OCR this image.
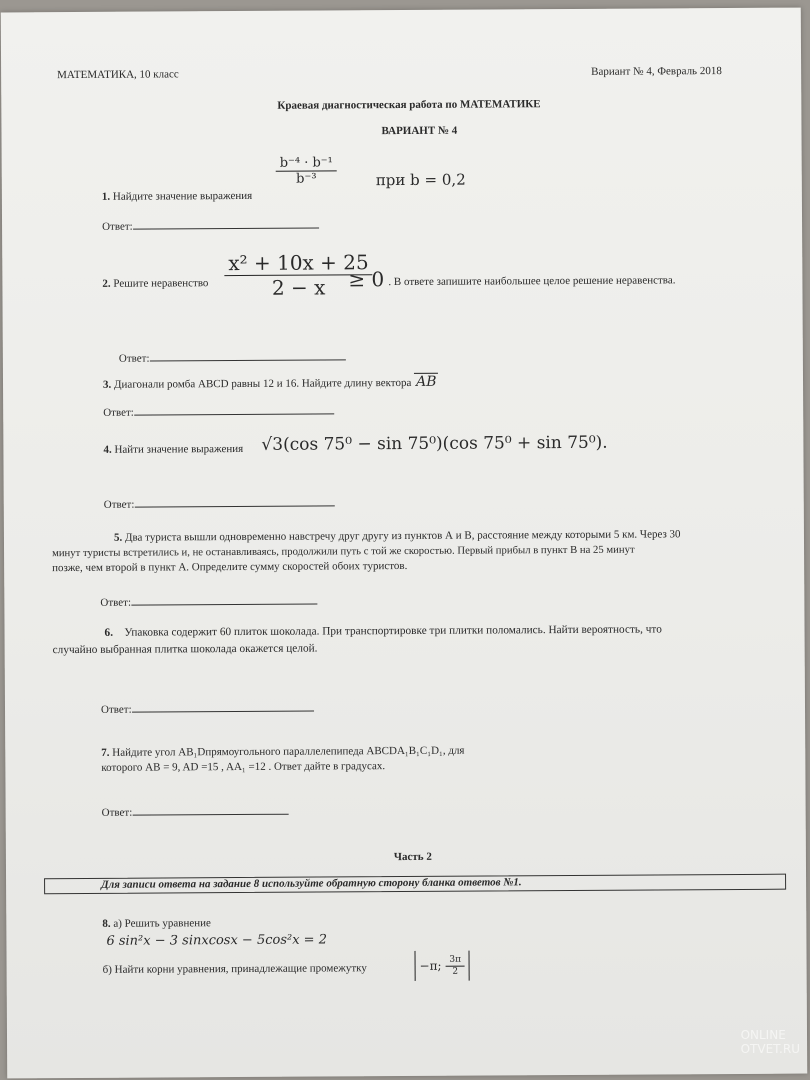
МАТЕМАТИКА, 10 класс	Вариант № 4, Февраль 2018
Краевая диагностическая работа по МАТЕМАТИКЕ
ВАРИАНТ № 4
1. Найдите значение выражения
$\frac{\text{b⁻⁴ · b⁻¹}}{\text{b⁻³}}$	при b = 0,2
Ответ:
2. Решите неравенство $\frac{\text{x² + 10x + 25}}{2 - x}$
≥ 0 . В ответе запишите наибольшее целое решение неравенства.
Ответ:
3. Диагонали ромба ABCD равны 12 и 16. Найдите длину вектора AB
Ответ:
4. Найти значение выражения √3(cos 75⁰ − sin 75⁰)(cos 75⁰ + sin 75⁰).
Ответ:
5. Два туриста вышли одновременно навстречу друг другу из пунктов А и В, расстояние между которыми 5 км. Через 30
минут туристы встретились и, не останавливаясь, продолжили путь с той же скоростью. Первый прибыл в пункт В на 25 минут
позже, чем второй в пункт А. Определите сумму скоростей обоих туристов.
Ответ:
6. Упаковка содержит 60 плиток шоколада. При транспортировке три плитки поломались. Найти вероятность, что
случайно выбранная плитка шоколада окажется целой.
Ответ:
7. Найдите угол AB₁Dпрямоугольного параллелепипеда ABCDA₁B₁C₁D₁, для
которого AB = 9, AD =15 , AA₁ =12 . Ответ дайте в градусах.
Ответ:
Часть 2
Для записи ответа на задание 8 используйте обратную сторону бланка ответов №1.
8. а) Решить уравнение
6 sin²x − 3 sinxcosx − 5cos²x = 2
б) Найти корни уравнения, принадлежащие промежутку	−π; $\frac{3\pi}{2}$
ONLINE
OTVET.RU
